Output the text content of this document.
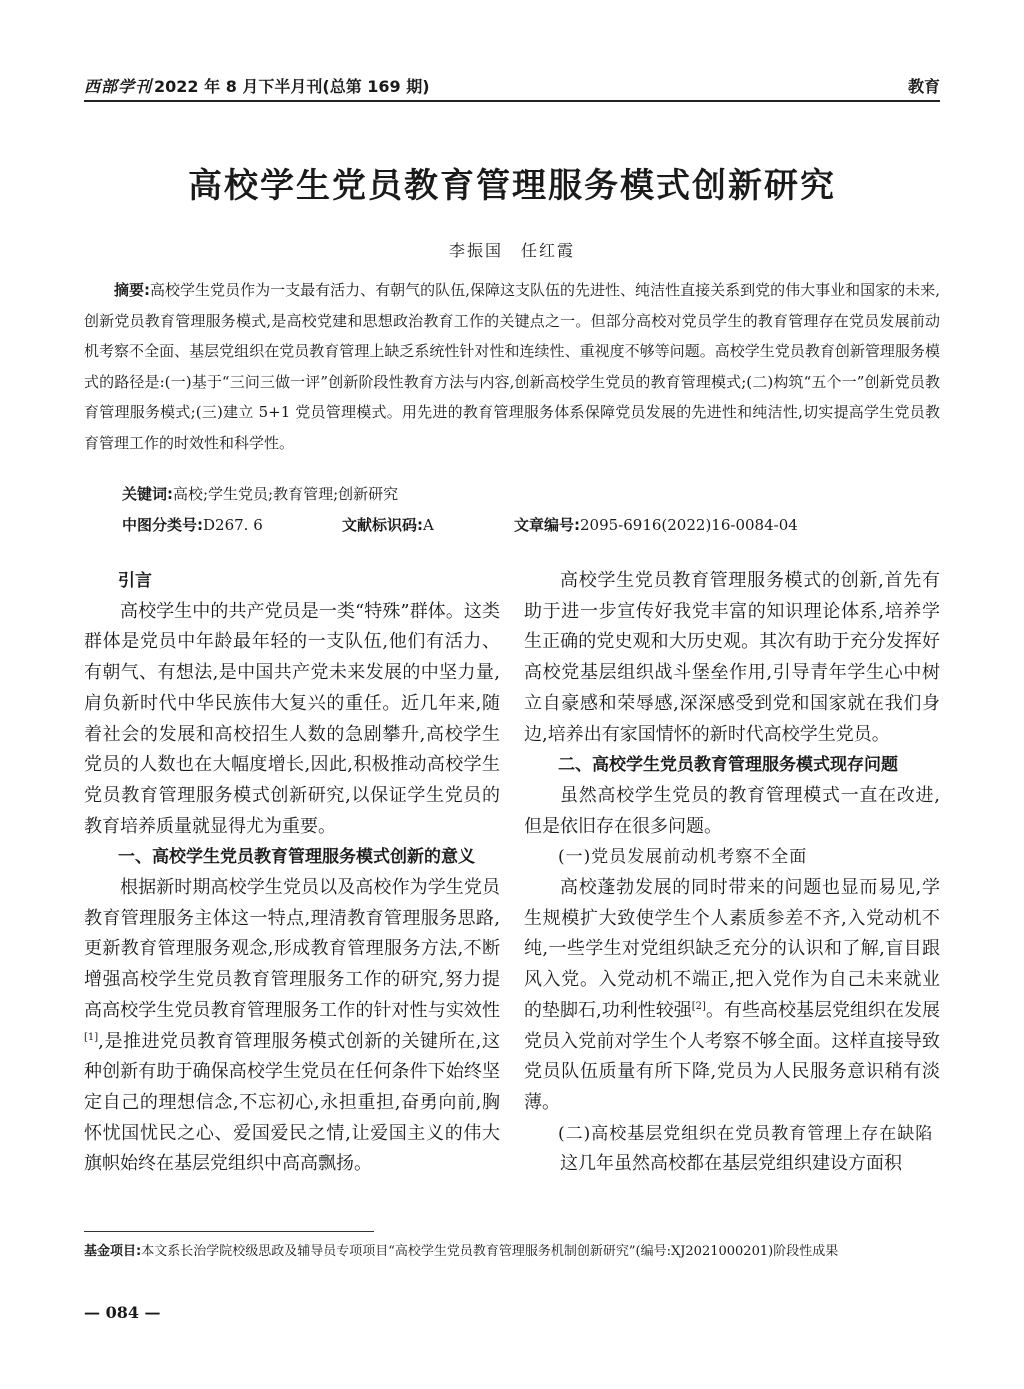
西部学刊 2022 年 8 月下半月刊(总第 169 期)	教育
高校学生党员教育管理服务模式创新研究
李振国　任红霞
摘要:高校学生党员作为一支最有活力、有朝气的队伍,保障这支队伍的先进性、纯洁性直接关系到党的伟大事业和国家的未来,创新党员教育管理服务模式,是高校党建和思想政治教育工作的关键点之一。但部分高校对党员学生的教育管理存在党员发展前动机考察不全面、基层党组织在党员教育管理上缺乏系统性针对性和连续性、重视度不够等问题。高校学生党员教育创新管理服务模式的路径是:(一)基于“三问三做一评”创新阶段性教育方法与内容,创新高校学生党员的教育管理模式;(二)构筑“五个一”创新党员教育管理服务模式;(三)建立 5+1 党员管理模式。用先进的教育管理服务体系保障党员发展的先进性和纯洁性,切实提高学生党员教育管理工作的时效性和科学性。
关键词:高校;学生党员;教育管理;创新研究
中图分类号:D267. 6	文献标识码:A	文章编号:2095-6916(2022)16-0084-04

引言

高校学生中的共产党员是一类“特殊”群体。这类群体是党员中年龄最年轻的一支队伍,他们有活力、有朝气、有想法,是中国共产党未来发展的中坚力量,肩负新时代中华民族伟大复兴的重任。近几年来,随着社会的发展和高校招生人数的急剧攀升,高校学生党员的人数也在大幅度增长,因此,积极推动高校学生党员教育管理服务模式创新研究,以保证学生党员的教育培养质量就显得尤为重要。

一、高校学生党员教育管理服务模式创新的意义

根据新时期高校学生党员以及高校作为学生党员教育管理服务主体这一特点,理清教育管理服务思路,更新教育管理服务观念,形成教育管理服务方法,不断增强高校学生党员教育管理服务工作的研究,努力提高高校学生党员教育管理服务工作的针对性与实效性[1],是推进党员教育管理服务模式创新的关键所在,这种创新有助于确保高校学生党员在任何条件下始终坚定自己的理想信念,不忘初心,永担重担,奋勇向前,胸怀忧国忧民之心、爱国爱民之情,让爱国主义的伟大旗帜始终在基层党组织中高高飘扬。

高校学生党员教育管理服务模式的创新,首先有助于进一步宣传好我党丰富的知识理论体系,培养学生正确的党史观和大历史观。其次有助于充分发挥好高校党基层组织战斗堡垒作用,引导青年学生心中树立自豪感和荣辱感,深深感受到党和国家就在我们身边,培养出有家国情怀的新时代高校学生党员。

二、高校学生党员教育管理服务模式现存问题

虽然高校学生党员的教育管理模式一直在改进,但是依旧存在很多问题。

(一)党员发展前动机考察不全面

高校蓬勃发展的同时带来的问题也显而易见,学生规模扩大致使学生个人素质参差不齐,入党动机不纯,一些学生对党组织缺乏充分的认识和了解,盲目跟风入党。入党动机不端正,把入党作为自己未来就业的垫脚石,功利性较强[2]。有些高校基层党组织在发展党员入党前对学生个人考察不够全面。这样直接导致党员队伍质量有所下降,党员为人民服务意识稍有淡薄。

(二)高校基层党组织在党员教育管理上存在缺陷

这几年虽然高校都在基层党组织建设方面积

基金项目:本文系长治学院校级思政及辅导员专项项目“高校学生党员教育管理服务机制创新研究”(编号:XJ2021000201)阶段性成果
— 084 —
